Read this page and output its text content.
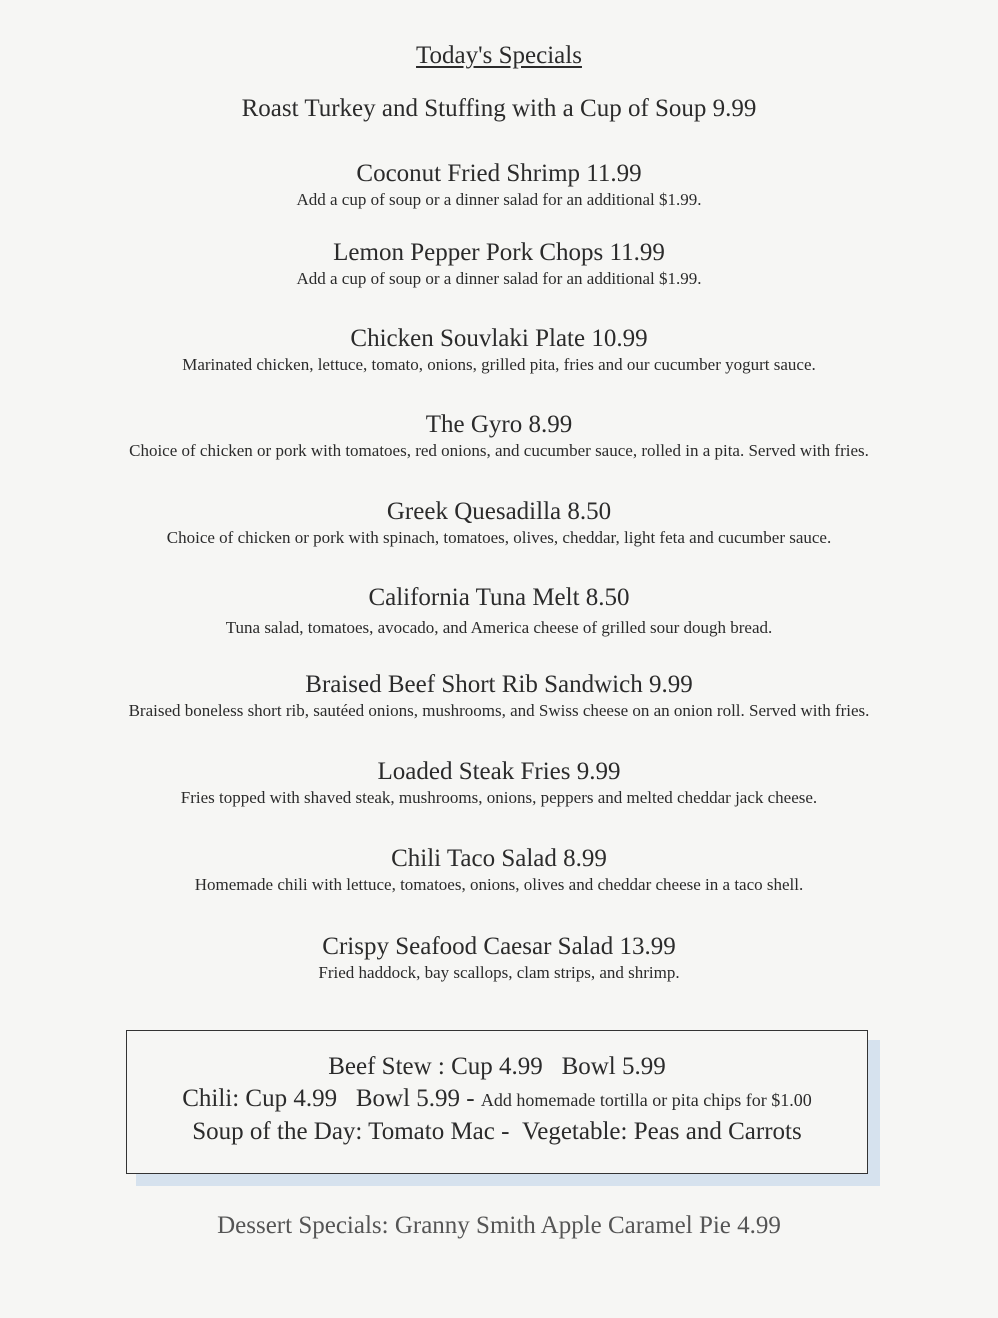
Today's Specials
Roast Turkey and Stuffing with a Cup of Soup 9.99
Coconut Fried Shrimp 11.99
Add a cup of soup or a dinner salad for an additional $1.99.
Lemon Pepper Pork Chops 11.99
Add a cup of soup or a dinner salad for an additional $1.99.
Chicken Souvlaki Plate 10.99
Marinated chicken, lettuce, tomato, onions, grilled pita, fries and our cucumber yogurt sauce.
The Gyro 8.99
Choice of chicken or pork with tomatoes, red onions, and cucumber sauce, rolled in a pita. Served with fries.
Greek Quesadilla 8.50
Choice of chicken or pork with spinach, tomatoes, olives, cheddar, light feta and cucumber sauce.
California Tuna Melt 8.50
Tuna salad, tomatoes, avocado, and America cheese of grilled sour dough bread.
Braised Beef Short Rib Sandwich 9.99
Braised boneless short rib, sautéed onions, mushrooms, and Swiss cheese on an onion roll. Served with fries.
Loaded Steak Fries 9.99
Fries topped with shaved steak, mushrooms, onions, peppers and melted cheddar jack cheese.
Chili Taco Salad 8.99
Homemade chili with lettuce, tomatoes, onions, olives and cheddar cheese in a taco shell.
Crispy Seafood Caesar Salad 13.99
Fried haddock, bay scallops, clam strips, and shrimp.
Beef Stew : Cup 4.99 Bowl 5.99
Chili: Cup 4.99 Bowl 5.99 - Add homemade tortilla or pita chips for $1.00
Soup of the Day: Tomato Mac - Vegetable: Peas and Carrots
Dessert Specials: Granny Smith Apple Caramel Pie 4.99
